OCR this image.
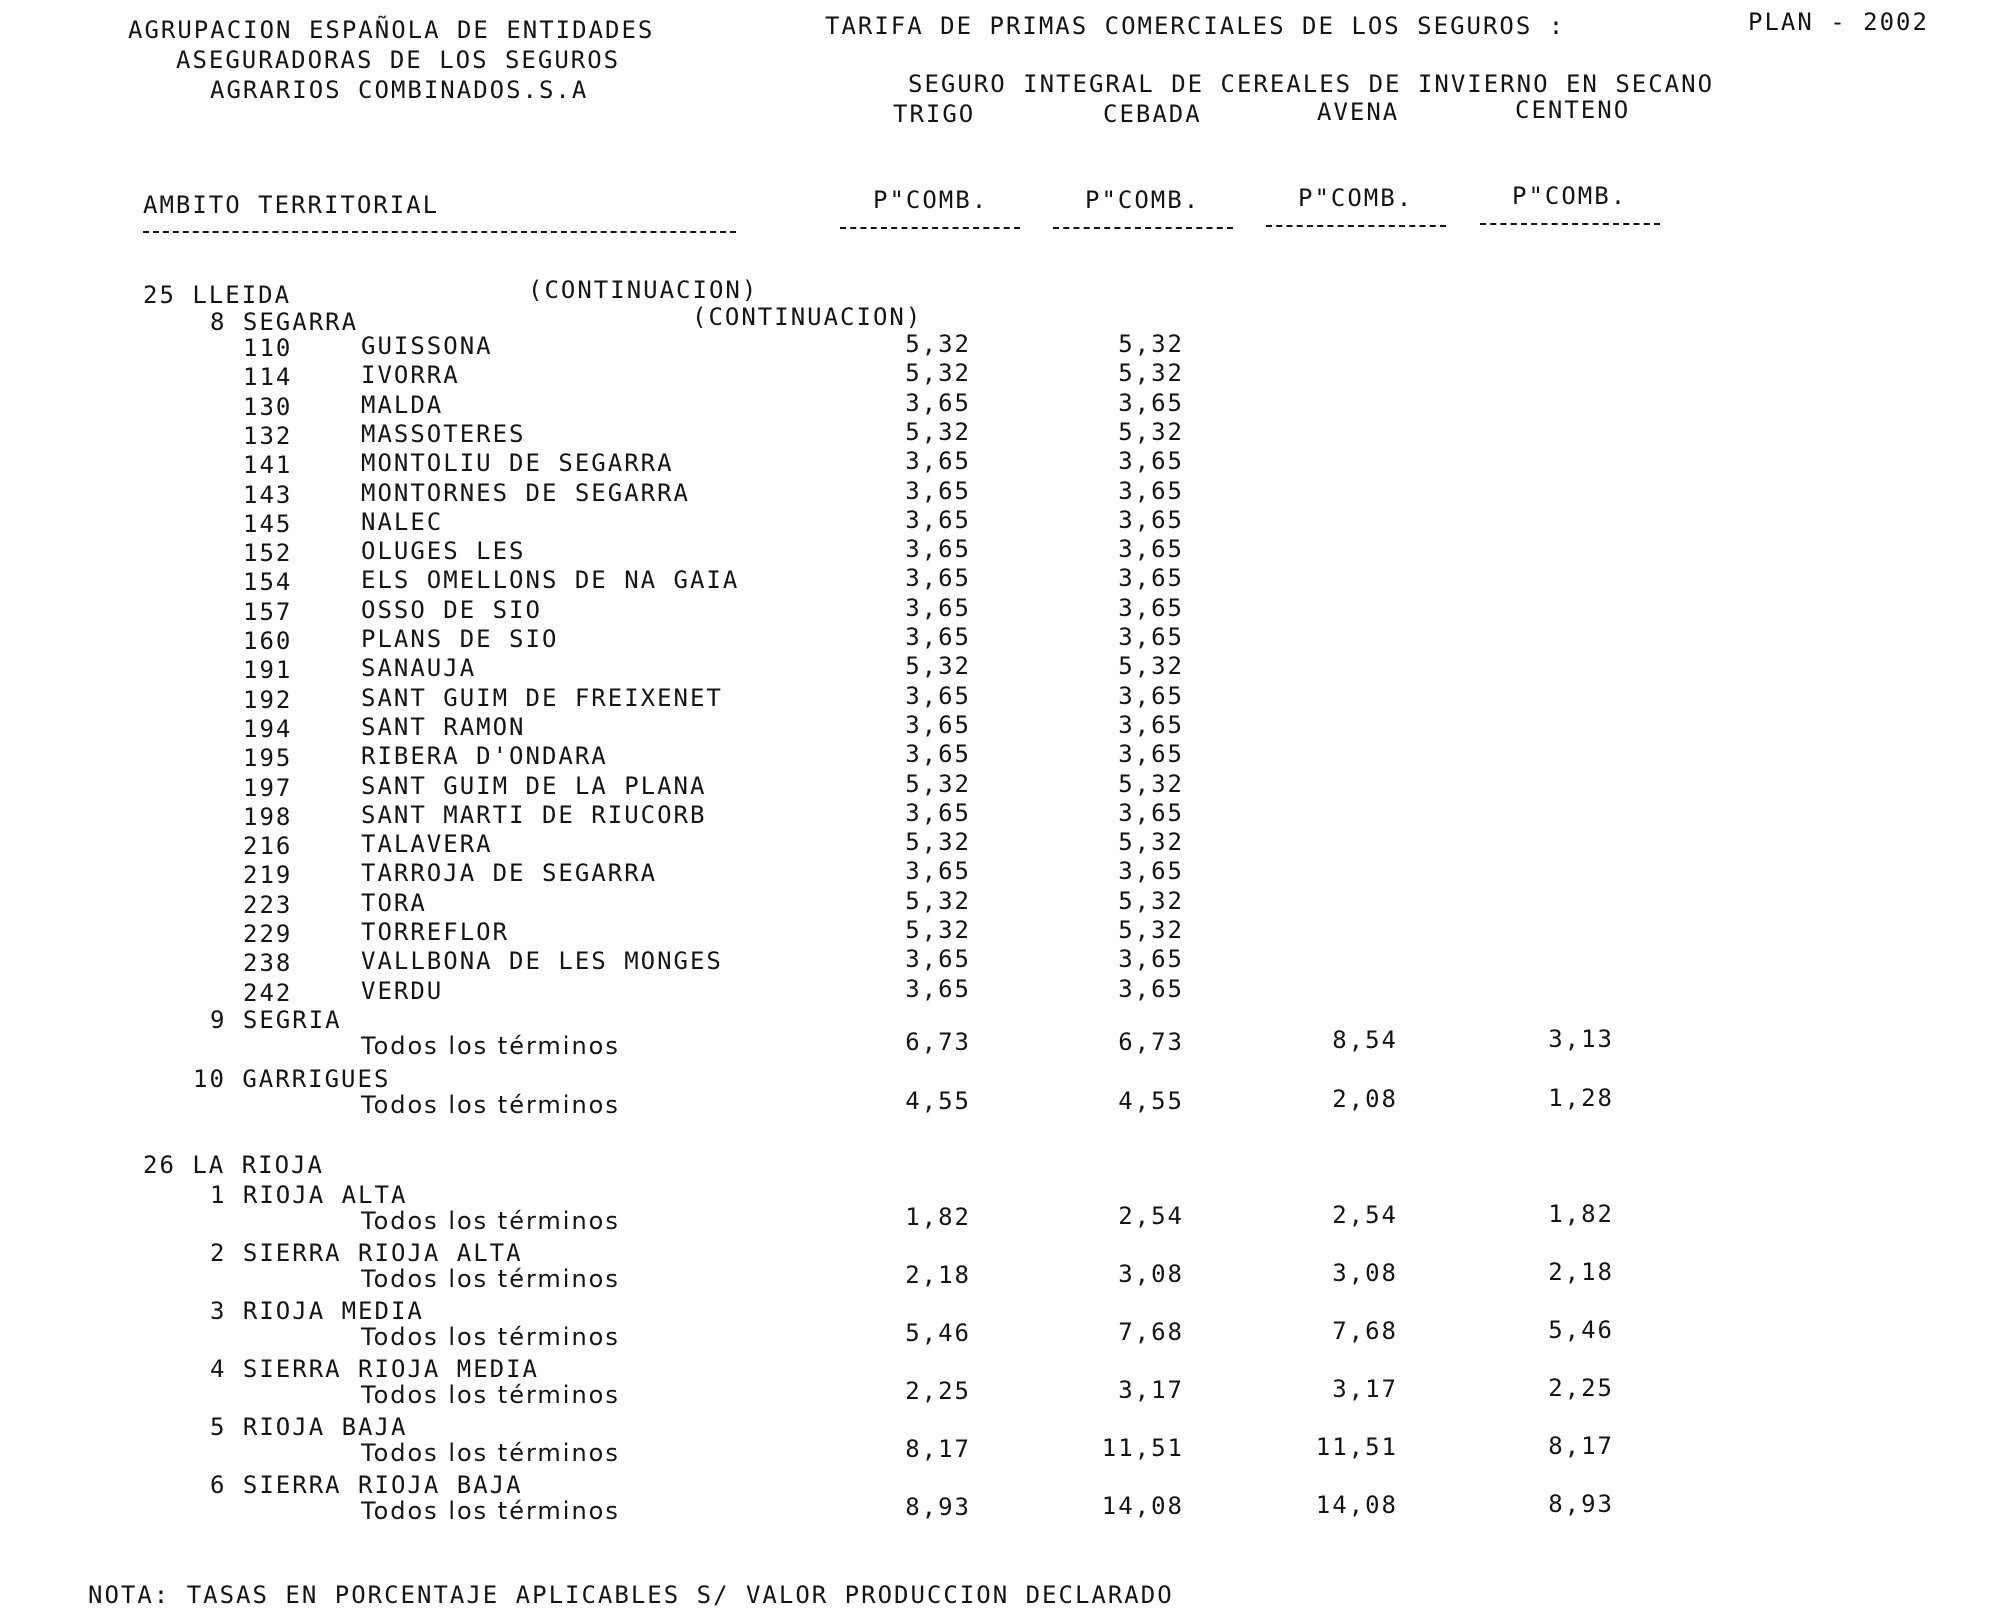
AGRUPACION ESPAÑOLA DE ENTIDADES
ASEGURADORAS DE LOS SEGUROS
AGRARIOS COMBINADOS.S.A
TARIFA DE PRIMAS COMERCIALES DE LOS SEGUROS :	PLAN - 2002
SEGURO INTEGRAL DE CEREALES DE INVIERNO EN SECANO
TRIGO	CEBADA	AVENA	CENTENO
AMBITO TERRITORIAL	P"COMB.	P"COMB.	P"COMB.	P"COMB.
25 LLEIDA	(CONTINUACION)
8 SEGARRA	(CONTINUACION)
110	GUISSONA	5,32	5,32
114	IVORRA	5,32	5,32
130	MALDA	3,65	3,65
132	MASSOTERES	5,32	5,32
141	MONTOLIU DE SEGARRA	3,65	3,65
143	MONTORNES DE SEGARRA	3,65	3,65
145	NALEC	3,65	3,65
152	OLUGES LES	3,65	3,65
154	ELS OMELLONS DE NA GAIA	3,65	3,65
157	OSSO DE SIO	3,65	3,65
160	PLANS DE SIO	3,65	3,65
191	SANAUJA	5,32	5,32
192	SANT GUIM DE FREIXENET	3,65	3,65
194	SANT RAMON	3,65	3,65
195	RIBERA D'ONDARA	3,65	3,65
197	SANT GUIM DE LA PLANA	5,32	5,32
198	SANT MARTI DE RIUCORB	3,65	3,65
216	TALAVERA	5,32	5,32
219	TARROJA DE SEGARRA	3,65	3,65
223	TORA	5,32	5,32
229	TORREFLOR	5,32	5,32
238	VALLBONA DE LES MONGES	3,65	3,65
242	VERDU	3,65	3,65
9 SEGRIA
Todos los términos	6,73	6,73	8,54	3,13
10 GARRIGUES
Todos los términos	4,55	4,55	2,08	1,28
26 LA RIOJA
1 RIOJA ALTA
Todos los términos	1,82	2,54	2,54	1,82
2 SIERRA RIOJA ALTA
Todos los términos	2,18	3,08	3,08	2,18
3 RIOJA MEDIA
Todos los términos	5,46	7,68	7,68	5,46
4 SIERRA RIOJA MEDIA
Todos los términos	2,25	3,17	3,17	2,25
5 RIOJA BAJA
Todos los términos	8,17	11,51	11,51	8,17
6 SIERRA RIOJA BAJA
Todos los términos	8,93	14,08	14,08	8,93
NOTA: TASAS EN PORCENTAJE APLICABLES S/ VALOR PRODUCCION DECLARADO
